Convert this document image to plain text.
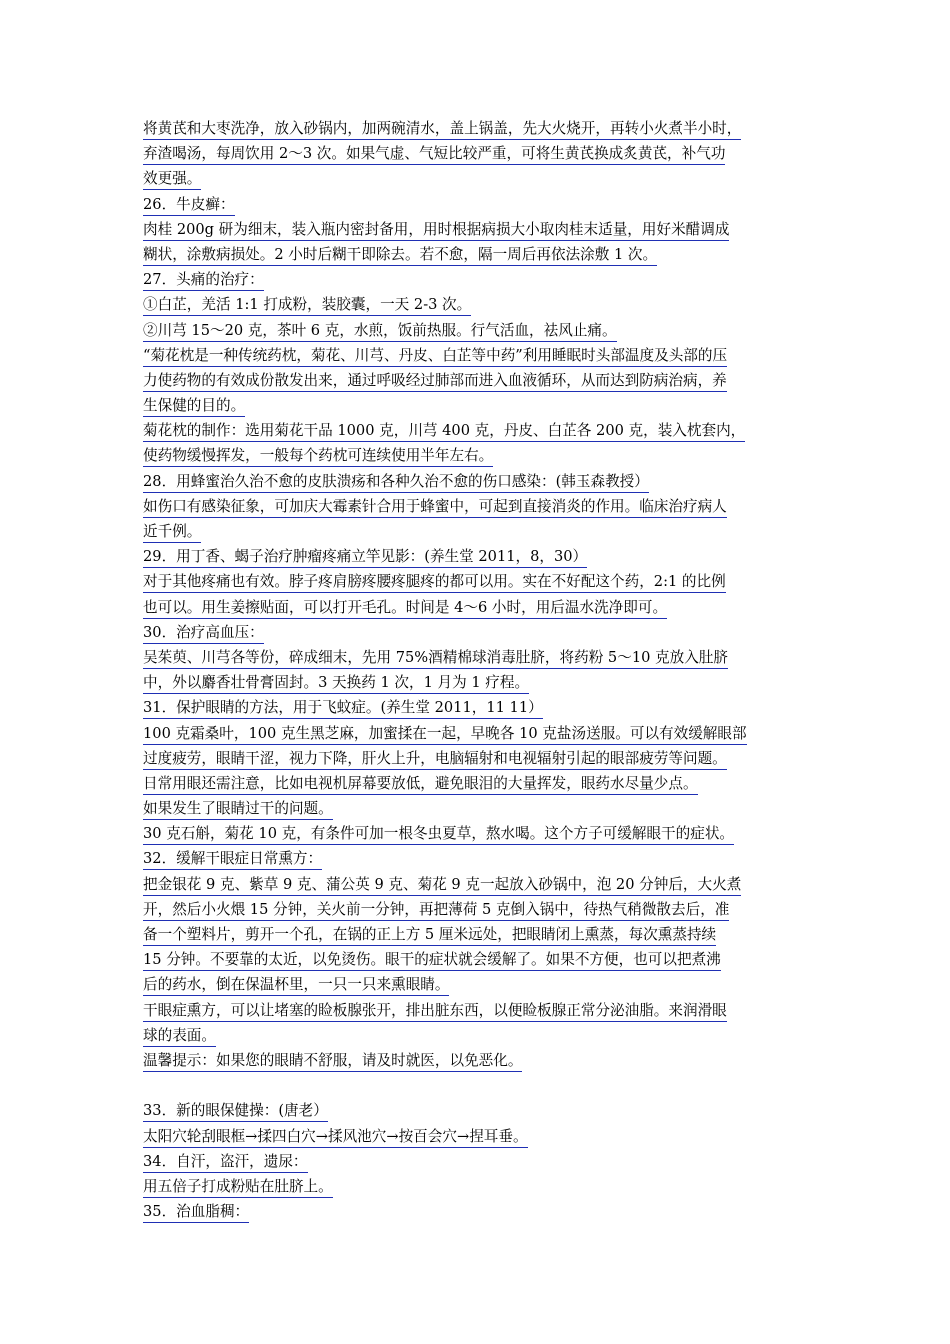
将黄芪和大枣洗净，放入砂锅内，加两碗清水，盖上锅盖，先大火烧开，再转小火煮半小时，
弃渣喝汤，每周饮用 2～3 次。如果气虚、气短比较严重，可将生黄芪换成炙黄芪，补气功
效更强。
26．牛皮癣：
肉桂 200g 研为细末，装入瓶内密封备用，用时根据病损大小取肉桂末适量，用好米醋调成
糊状，涂敷病损处。2 小时后糊干即除去。若不愈，隔一周后再依法涂敷 1 次。
27．头痛的治疗：
①白芷，羌活 1:1 打成粉，装胶囊，一天 2-3 次。
②川芎 15～20 克，茶叶 6 克，水煎，饭前热服。行气活血，祛风止痛。
“菊花枕是一种传统药枕，菊花、川芎、丹皮、白芷等中药”利用睡眠时头部温度及头部的压
力使药物的有效成份散发出来，通过呼吸经过肺部而进入血液循环，从而达到防病治病，养
生保健的目的。
菊花枕的制作：选用菊花干品 1000 克，川芎 400 克，丹皮、白芷各 200 克，装入枕套内，
使药物缓慢挥发，一般每个药枕可连续使用半年左右。
28．用蜂蜜治久治不愈的皮肤溃疡和各种久治不愈的伤口感染：(韩玉森教授）
如伤口有感染征象，可加庆大霉素针合用于蜂蜜中，可起到直接消炎的作用。临床治疗病人
近千例。
29．用丁香、蝎子治疗肿瘤疼痛立竿见影：(养生堂 2011，8，30）
对于其他疼痛也有效。脖子疼肩膀疼腰疼腿疼的都可以用。实在不好配这个药，2:1 的比例
也可以。用生姜擦贴面，可以打开毛孔。时间是 4～6 小时，用后温水洗净即可。
30．治疗高血压：
吴茱萸、川芎各等份，碎成细末，先用 75%酒精棉球消毒肚脐，将药粉 5～10 克放入肚脐
中，外以麝香壮骨膏固封。3 天换药 1 次，1 月为 1 疗程。
31．保护眼睛的方法，用于飞蚊症。(养生堂 2011，11 11）
100 克霜桑叶，100 克生黑芝麻，加蜜揉在一起，早晚各 10 克盐汤送服。可以有效缓解眼部
过度疲劳，眼睛干涩，视力下降，肝火上升，电脑辐射和电视辐射引起的眼部疲劳等问题。
日常用眼还需注意，比如电视机屏幕要放低，避免眼泪的大量挥发，眼药水尽量少点。
如果发生了眼睛过干的问题。
30 克石斛，菊花 10 克，有条件可加一根冬虫夏草，熬水喝。这个方子可缓解眼干的症状。
32．缓解干眼症日常熏方：
把金银花 9 克、紫草 9 克、蒲公英 9 克、菊花 9 克一起放入砂锅中，泡 20 分钟后，大火煮
开，然后小火煨 15 分钟，关火前一分钟，再把薄荷 5 克倒入锅中，待热气稍微散去后，准
备一个塑料片，剪开一个孔，在锅的正上方 5 厘米远处，把眼睛闭上熏蒸，每次熏蒸持续
15 分钟。不要靠的太近，以免烫伤。眼干的症状就会缓解了。如果不方便，也可以把煮沸
后的药水，倒在保温杯里，一只一只来熏眼睛。
干眼症熏方，可以让堵塞的睑板腺张开，排出脏东西，以便睑板腺正常分泌油脂。来润滑眼
球的表面。
温馨提示：如果您的眼睛不舒服，请及时就医，以免恶化。
33．新的眼保健操：(唐老）
太阳穴轮刮眼框→揉四白穴→揉风池穴→按百会穴→捏耳垂。
34．自汗，盗汗，遗尿：
用五倍子打成粉贴在肚脐上。
35．治血脂稠：
